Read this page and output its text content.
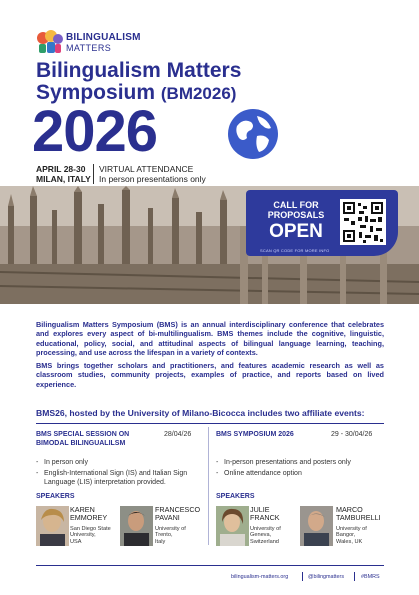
BILINGUALISM
MATTERS
Bilingualism Matters
Symposium (BM2026)
2026
APRIL 28-30
MILAN, ITALY
VIRTUAL ATTENDANCE
In person presentations only
CALL FOR
PROPOSALS
OPEN
SCAN QR CODE FOR MORE INFO

Bilingualism Matters Symposium (BMS) is an annual interdisciplinary conference that celebrates and explores every aspect of bi-multilingualism. BMS themes include the cognitive, linguistic, educational, policy, social, and attitudinal aspects of bilingual language learning, teaching, processing, and use across the lifespan in a variety of contexts.

BMS brings together scholars and practitioners, and features academic research as well as classroom studies, community projects, examples of practice, and reports based on lived experience.

BMS26, hosted by the University of Milano-Bicocca includes two affiliate events:
BMS SPECIAL SESSION ON
BIMODAL BILINGUALILSM
28/04/26
- In person only
- English-International Sign (IS) and Italian Sign Language (LIS) interpretation provided.
BMS SYMPOSIUM 2026	29 - 30/04/26
- In-person presentations and posters only
- Online attendance option
SPEAKERS	SPEAKERS
KAREN
EMMOREY
San Diego State
University,
USA
FRANCESCO
PAVANI
University of
Trento,
Italy
JULIE
FRANCK
University of
Geneva,
Switzerland
MARCO
TAMBURELLI
University of
Bangor,
Wales, UK
bilingualism-matters.org	@bilingmatters	#BMRS
